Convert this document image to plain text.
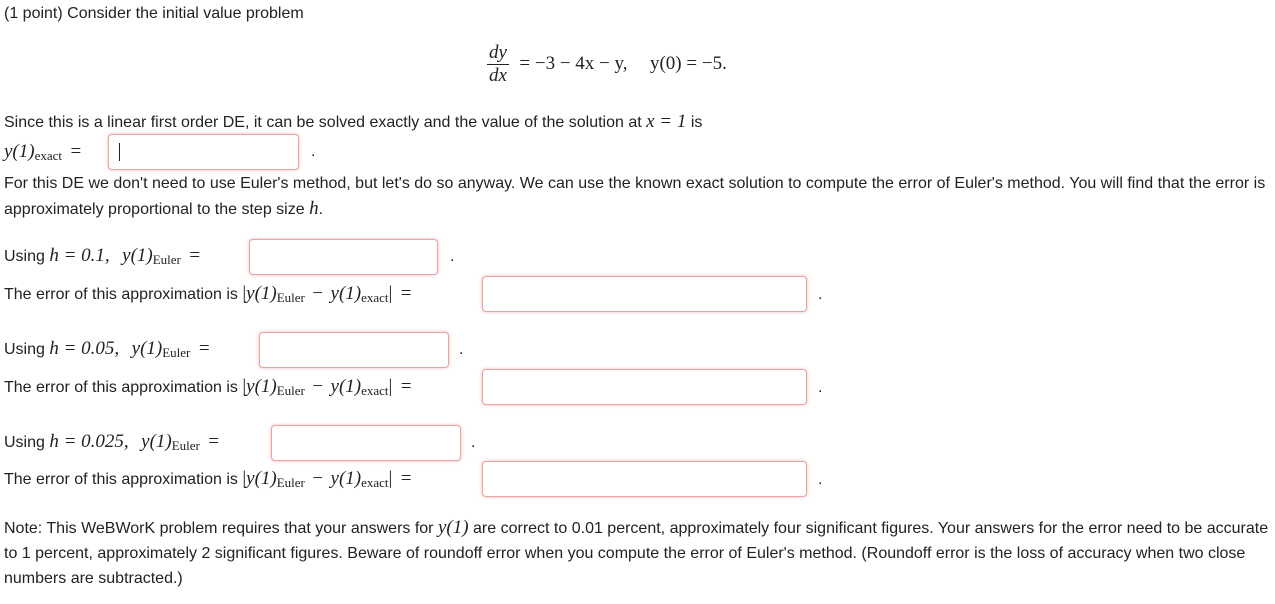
(1 point) Consider the initial value problem
$\frac{dy}{dx} = -3 - 4x - y$, y(0) = −5.
Since this is a linear first order DE, it can be solved exactly and the value of the solution at x = 1 is
y(1)exact =	.
For this DE we don't need to use Euler's method, but let's do so anyway. We can use the known exact solution to compute the error of Euler's method. You will find that the error is approximately proportional to the step size h.
Using h = 0.1, y(1)Euler =	.
The error of this approximation is |y(1)Euler − y(1)exact| =	.
Using h = 0.05, y(1)Euler =	.
The error of this approximation is |y(1)Euler − y(1)exact| =	.
Using h = 0.025, y(1)Euler =	.
The error of this approximation is |y(1)Euler − y(1)exact| =	.
Note: This WeBWorK problem requires that your answers for y(1) are correct to 0.01 percent, approximately four significant figures. Your answers for the error need to be accurate to 1 percent, approximately 2 significant figures. Beware of roundoff error when you compute the error of Euler's method. (Roundoff error is the loss of accuracy when two close numbers are subtracted.)
